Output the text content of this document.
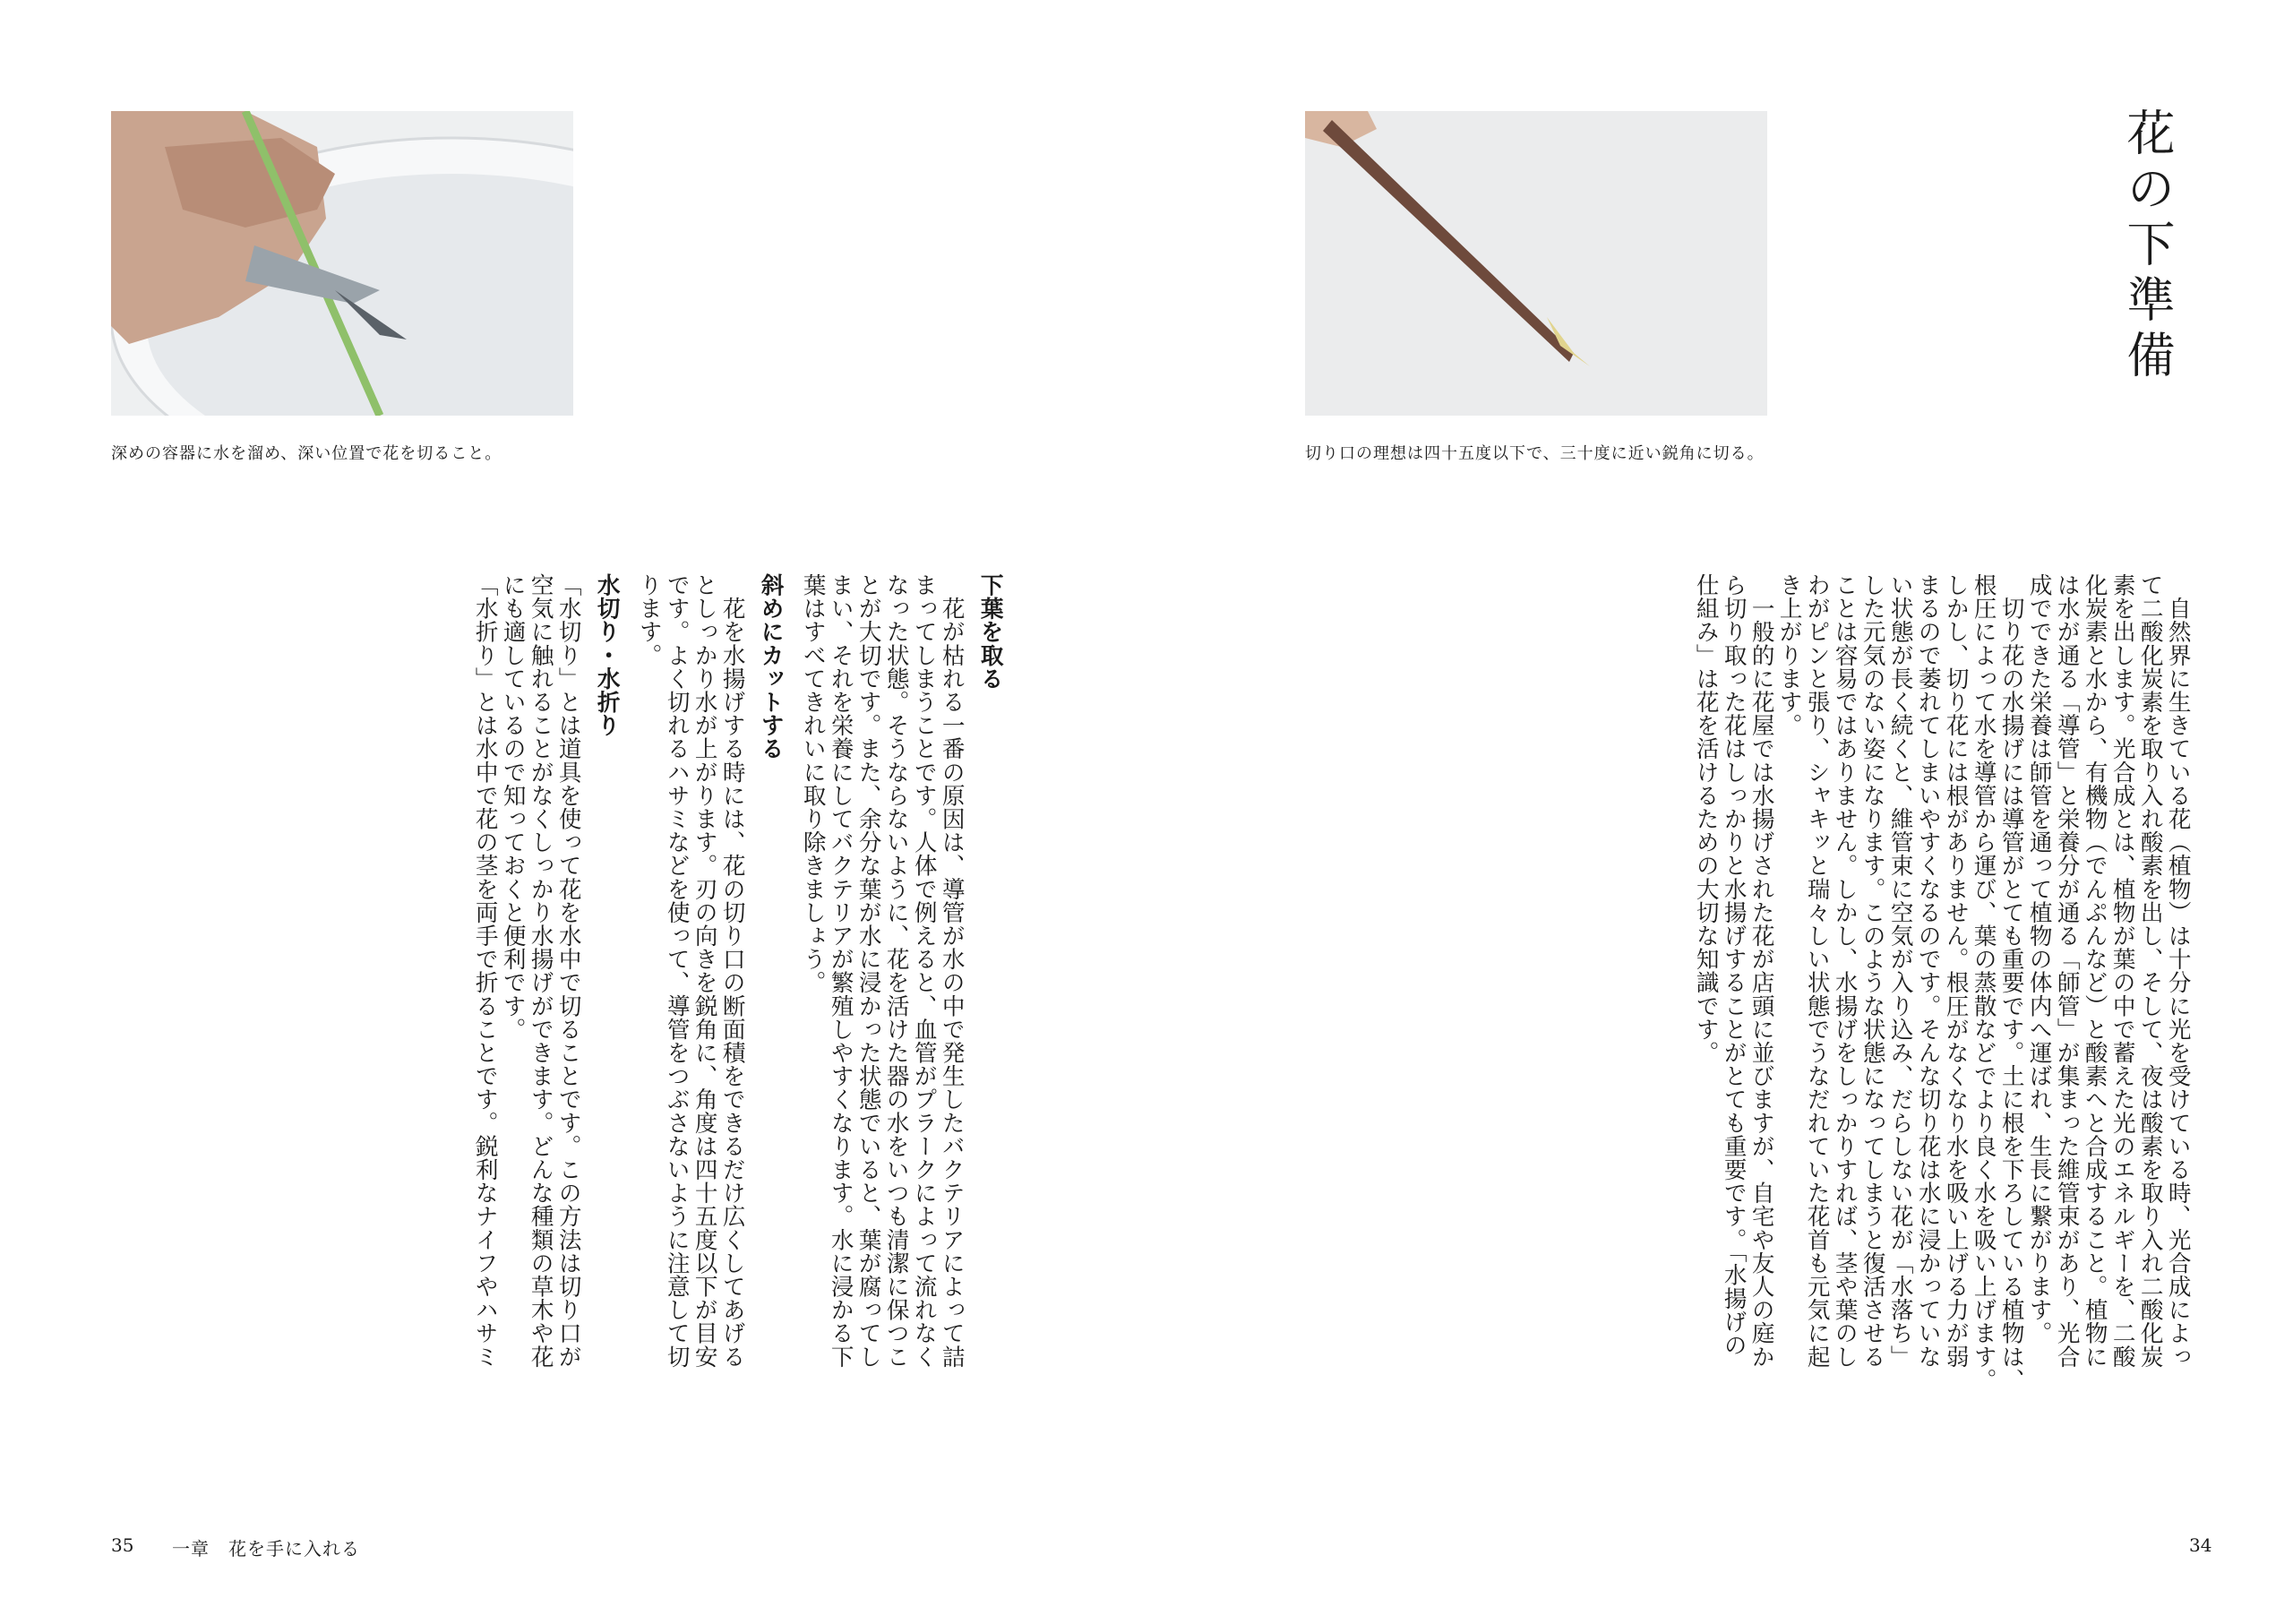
深めの容器に水を溜め、深い位置で花を切ること。	切り口の理想は四十五度以下で、三十度に近い鋭角に切る。
花の下準備
　自然界に生きている花（植物）は十分に光を受けている時、光合成によっ
て二酸化炭素を取り入れ酸素を出し、そして、夜は酸素を取り入れ二酸化炭
素を出します。光合成とは、植物が葉の中で蓄えた光のエネルギーを、二酸
化炭素と水から、有機物（でんぷんなど）と酸素へと合成すること。植物に
は水が通る「導管」と栄養分が通る「師管」が集まった維管束があり、光合
成でできた栄養は師管を通って植物の体内へ運ばれ、生長に繋がります。
　切り花の水揚げには導管がとても重要です。土に根を下ろしている植物は、
根圧によって水を導管から運び、葉の蒸散などでより良く水を吸い上げます。
しかし、切り花には根がありません。根圧がなくなり水を吸い上げる力が弱
まるので萎れてしまいやすくなるのです。そんな切り花は水に浸かっていな
い状態が長く続くと、維管束に空気が入り込み、だらしない花が「水落ち」
した元気のない姿になります。このような状態になってしまうと復活させる
ことは容易ではありません。しかし、水揚げをしっかりすれば、茎や葉のし
わがピンと張り、シャキッと瑞々しい状態でうなだれていた花首も元気に起
き上がります。
　一般的に花屋では水揚げされた花が店頭に並びますが、自宅や友人の庭か
ら切り取った花はしっかりと水揚げすることがとても重要です。「水揚げの
仕組み」は花を活けるための大切な知識です。
下葉を取る
　花が枯れる一番の原因は、導管が水の中で発生したバクテリアによって詰
まってしまうことです。人体で例えると、血管がプラークによって流れなく
なった状態。そうならないように、花を活けた器の水をいつも清潔に保つこ
とが大切です。また、余分な葉が水に浸かった状態でいると、葉が腐ってし
まい、それを栄養にしてバクテリアが繁殖しやすくなります。水に浸かる下
葉はすべてきれいに取り除きましょう。
斜めにカットする
　花を水揚げする時には、花の切り口の断面積をできるだけ広くしてあげる
としっかり水が上がります。刃の向きを鋭角に、角度は四十五度以下が目安
です。よく切れるハサミなどを使って、導管をつぶさないように注意して切
ります。
水切り・水折り
「水切り」とは道具を使って花を水中で切ることです。この方法は切り口が
空気に触れることがなくしっかり水揚げができます。どんな種類の草木や花
にも適しているので知っておくと便利です。
「水折り」とは水中で花の茎を両手で折ることです。鋭利なナイフやハサミ
35 一章　花を手に入れる	34
